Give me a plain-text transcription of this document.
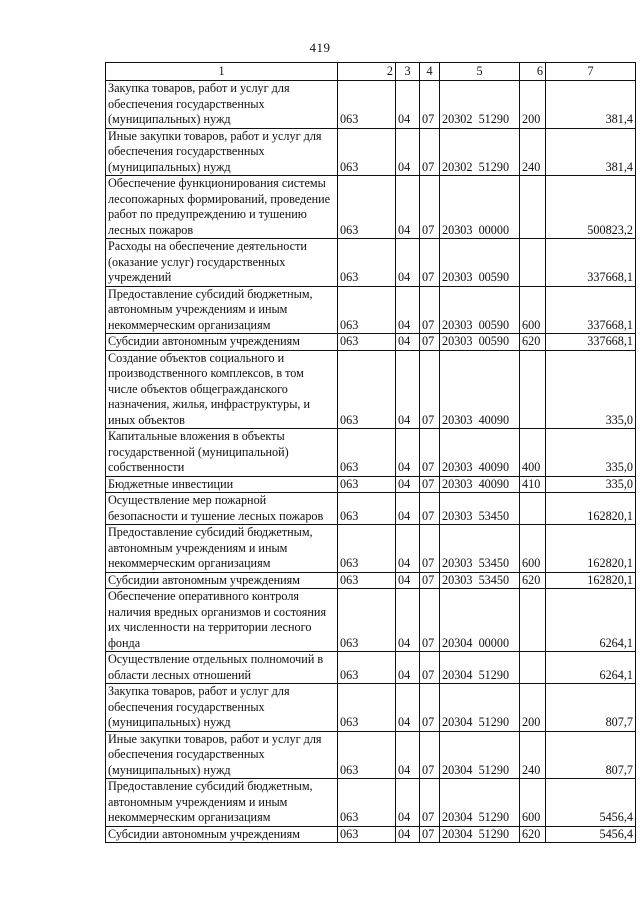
419
1	2	3	4	5	6	7
Закупка товаров, работ и услуг для обеспечения государственных (муниципальных) нужд	063	04	07	20302  51290	200	381,4
Иные закупки товаров, работ и услуг для обеспечения государственных (муниципальных) нужд	063	04	07	20302  51290	240	381,4
Обеспечение функционирования системы лесопожарных формирований, проведение работ по предупреждению и тушению лесных пожаров	063	04	07	20303  00000		500823,2
Расходы на обеспечение деятельности (оказание услуг) государственных учреждений	063	04	07	20303  00590		337668,1
Предоставление субсидий бюджетным, автономным учреждениям и иным некоммерческим организациям	063	04	07	20303  00590	600	337668,1
Субсидии автономным учреждениям	063	04	07	20303  00590	620	337668,1
Создание объектов социального и производственного комплексов, в том числе объектов общегражданского назначения, жилья, инфраструктуры, и иных объектов	063	04	07	20303  40090		335,0
Капитальные вложения в объекты государственной (муниципальной) собственности	063	04	07	20303  40090	400	335,0
Бюджетные инвестиции	063	04	07	20303  40090	410	335,0
Осуществление мер пожарной безопасности и тушение лесных пожаров	063	04	07	20303  53450		162820,1
Предоставление субсидий бюджетным, автономным учреждениям и иным некоммерческим организациям	063	04	07	20303  53450	600	162820,1
Субсидии автономным учреждениям	063	04	07	20303  53450	620	162820,1
Обеспечение оперативного контроля наличия вредных организмов и состояния их численности на территории лесного фонда	063	04	07	20304  00000		6264,1
Осуществление отдельных полномочий в области лесных отношений	063	04	07	20304  51290		6264,1
Закупка товаров, работ и услуг для обеспечения государственных (муниципальных) нужд	063	04	07	20304  51290	200	807,7
Иные закупки товаров, работ и услуг для обеспечения государственных (муниципальных) нужд	063	04	07	20304  51290	240	807,7
Предоставление субсидий бюджетным, автономным учреждениям и иным некоммерческим организациям	063	04	07	20304  51290	600	5456,4
Субсидии автономным учреждениям	063	04	07	20304  51290	620	5456,4
